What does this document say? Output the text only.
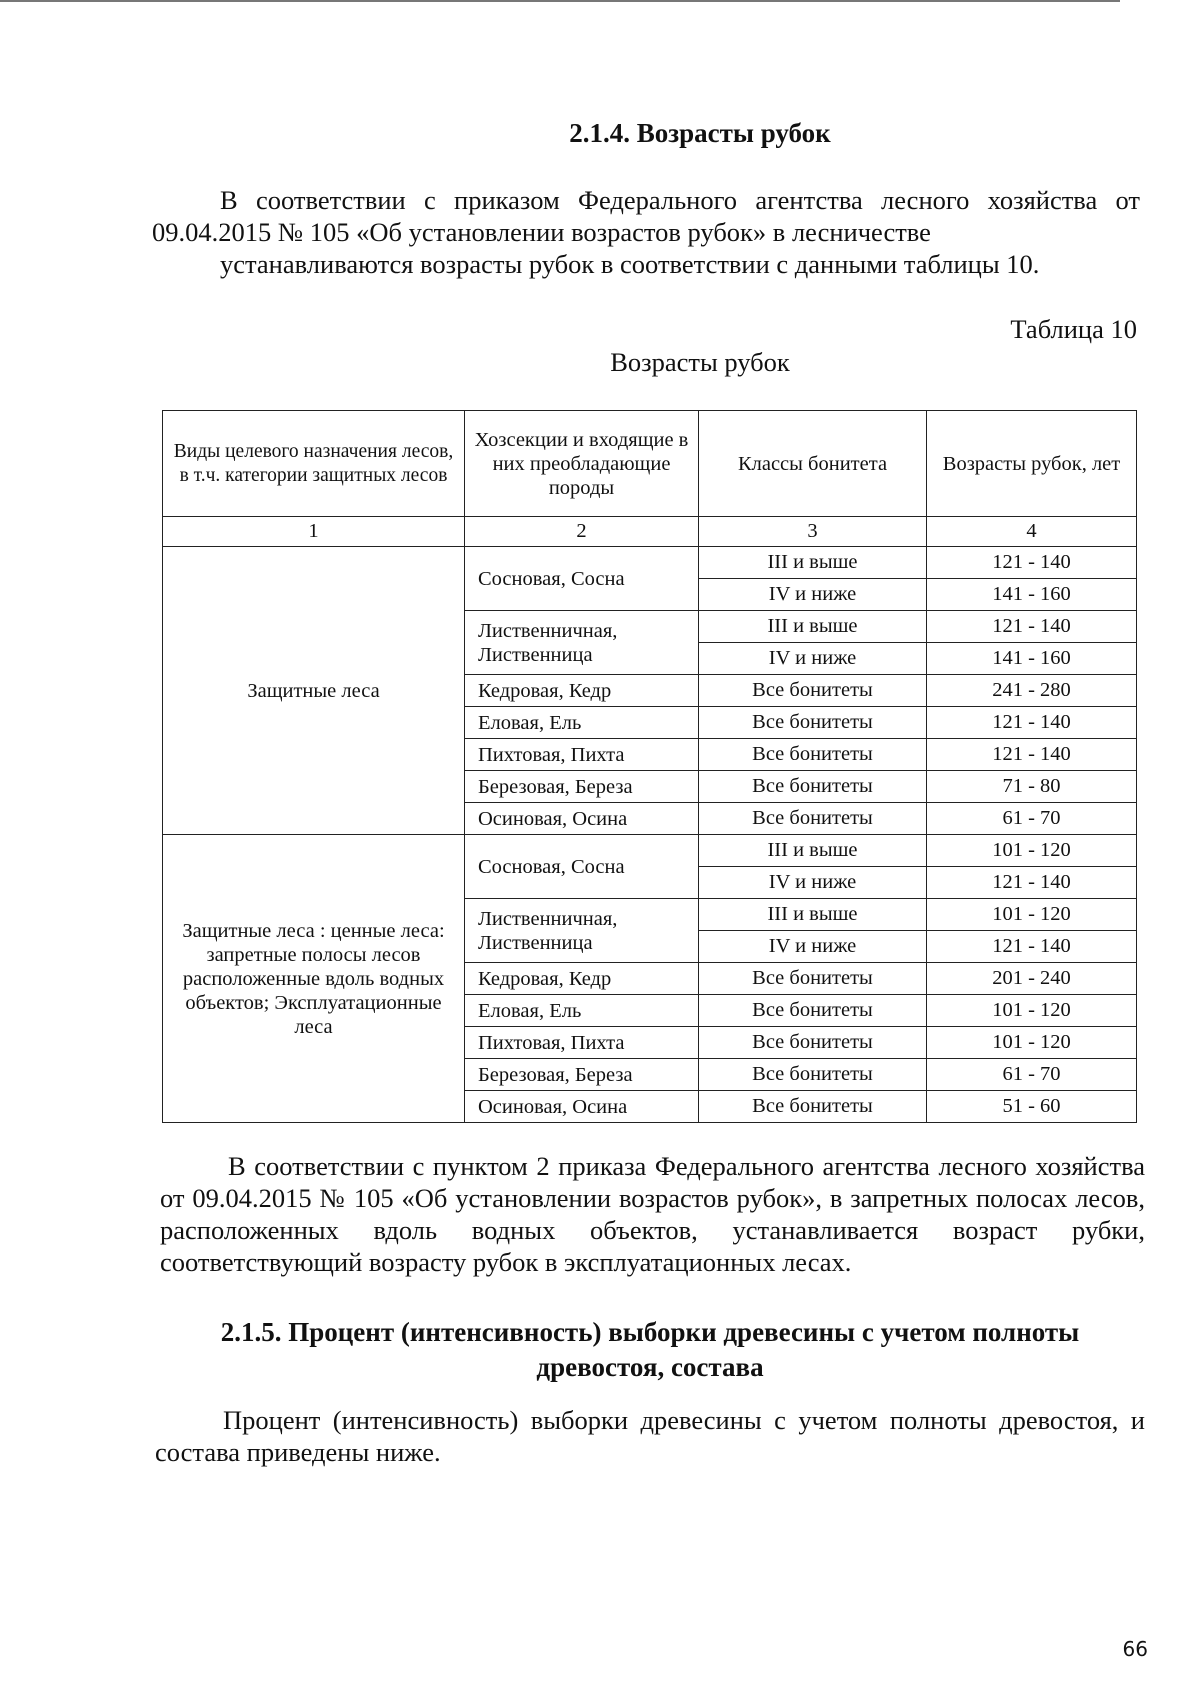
2.1.4. Возрасты рубок

В соответствии с приказом Федерального агентства лесного хозяйства от 09.04.2015 № 105 «Об установлении возрастов рубок» в лесничестве
устанавливаются возрасты рубок в соответствии с данными таблицы 10.

Таблица 10
Возрасты рубок
Виды целевого назначения лесов, в т.ч. категории защитных лесов	Хозсекции и входящие в них преобладающие породы	Классы бонитета	Возрасты рубок, лет
1	2	3	4
Защитные леса	Сосновая, Сосна	III и выше	121 - 140
		IV и ниже	141 - 160
	Лиственничная, Лиственница	III и выше	121 - 140
		IV и ниже	141 - 160
	Кедровая, Кедр	Все бонитеты	241 - 280
	Еловая, Ель	Все бонитеты	121 - 140
	Пихтовая, Пихта	Все бонитеты	121 - 140
	Березовая, Береза	Все бонитеты	71 - 80
	Осиновая, Осина	Все бонитеты	61 - 70
Защитные леса : ценные леса: запретные полосы лесов расположенные вдоль водных объектов; Эксплуатационные леса	Сосновая, Сосна	III и выше	101 - 120
		IV и ниже	121 - 140
	Лиственничная, Лиственница	III и выше	101 - 120
		IV и ниже	121 - 140
	Кедровая, Кедр	Все бонитеты	201 - 240
	Еловая, Ель	Все бонитеты	101 - 120
	Пихтовая, Пихта	Все бонитеты	101 - 120
	Березовая, Береза	Все бонитеты	61 - 70
	Осиновая, Осина	Все бонитеты	51 - 60

В соответствии с пунктом 2 приказа Федерального агентства лесного хозяйства от 09.04.2015 № 105 «Об установлении возрастов рубок», в запретных полосах лесов, расположенных вдоль водных объектов, устанавливается возраст рубки, соответствующий возрасту рубок в эксплуатационных лесах.

2.1.5. Процент (интенсивность) выборки древесины с учетом полноты древостоя, состава

Процент (интенсивность) выборки древесины с учетом полноты древостоя, и состава приведены ниже.

66
